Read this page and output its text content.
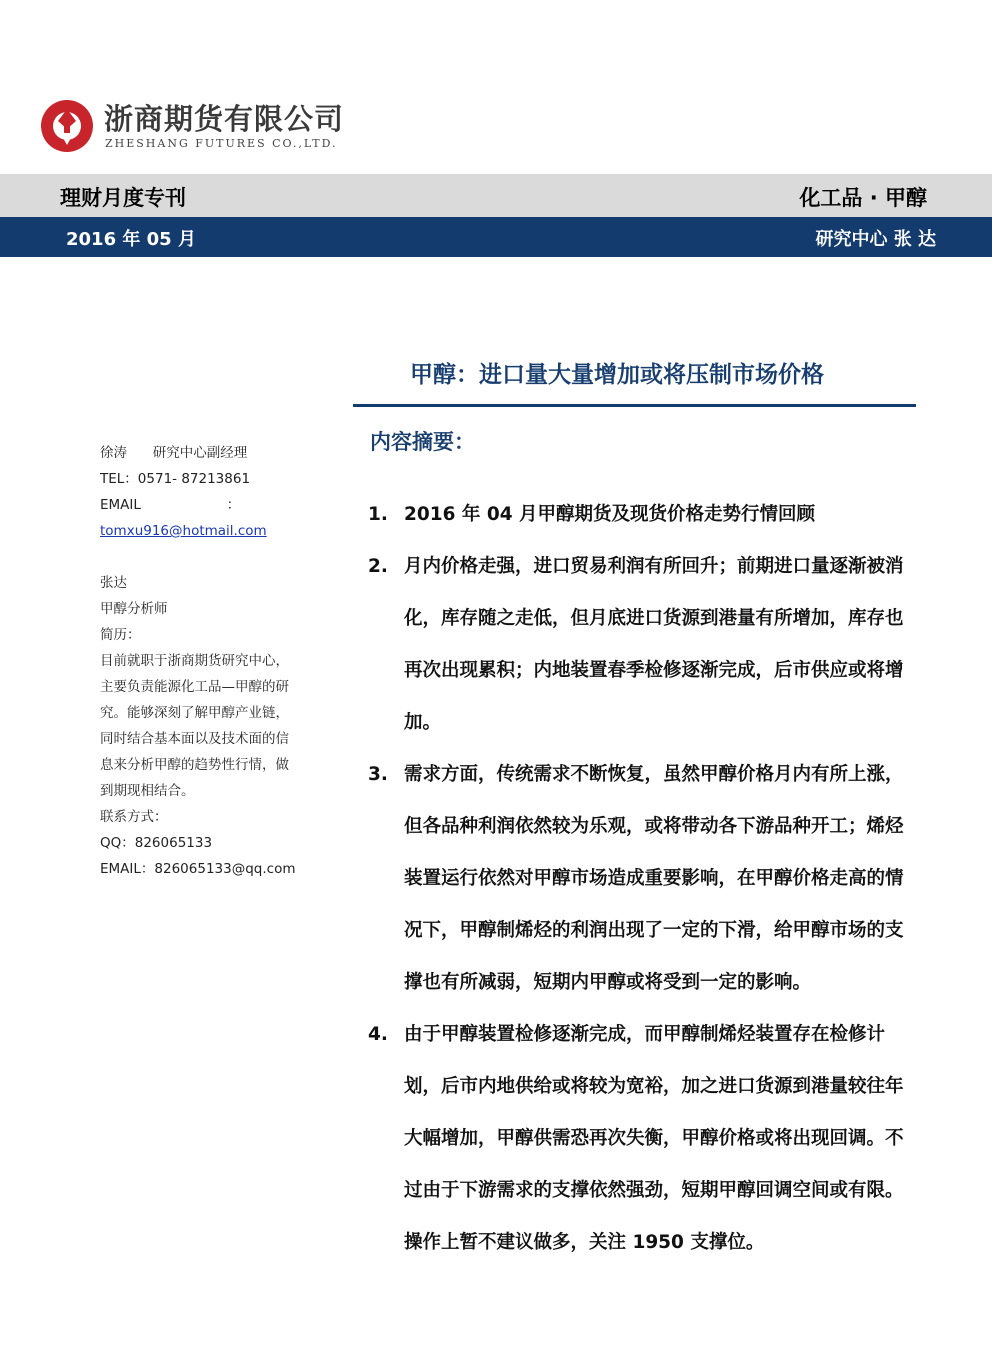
浙商期货有限公司
ZHESHANG FUTURES CO.,LTD.
理财月度专刊	化工品 · 甲醇
2016 年 05 月	研究中心 张 达
甲醇：进口量大量增加或将压制市场价格
徐涛      研究中心副经理
TEL：0571- 87213861
EMAIL                    ：
tomxu916@hotmail.com
张达
甲醇分析师
简历：
目前就职于浙商期货研究中心，主要负责能源化工品—甲醇的研究。能够深刻了解甲醇产业链，同时结合基本面以及技术面的信息来分析甲醇的趋势性行情，做到期现相结合。
联系方式：
QQ：826065133
EMAIL：826065133@qq.com
内容摘要：
1. 2016 年 04 月甲醇期货及现货价格走势行情回顾
2. 月内价格走强，进口贸易利润有所回升；前期进口量逐渐被消化，库存随之走低，但月底进口货源到港量有所增加，库存也再次出现累积；内地装置春季检修逐渐完成，后市供应或将增加。
3. 需求方面，传统需求不断恢复，虽然甲醇价格月内有所上涨，但各品种利润依然较为乐观，或将带动各下游品种开工；烯烃装置运行依然对甲醇市场造成重要影响，在甲醇价格走高的情况下，甲醇制烯烃的利润出现了一定的下滑，给甲醇市场的支撑也有所减弱，短期内甲醇或将受到一定的影响。
4. 由于甲醇装置检修逐渐完成，而甲醇制烯烃装置存在检修计划，后市内地供给或将较为宽裕，加之进口货源到港量较往年大幅增加，甲醇供需恐再次失衡，甲醇价格或将出现回调。不过由于下游需求的支撑依然强劲，短期甲醇回调空间或有限。操作上暂不建议做多，关注 1950 支撑位。
